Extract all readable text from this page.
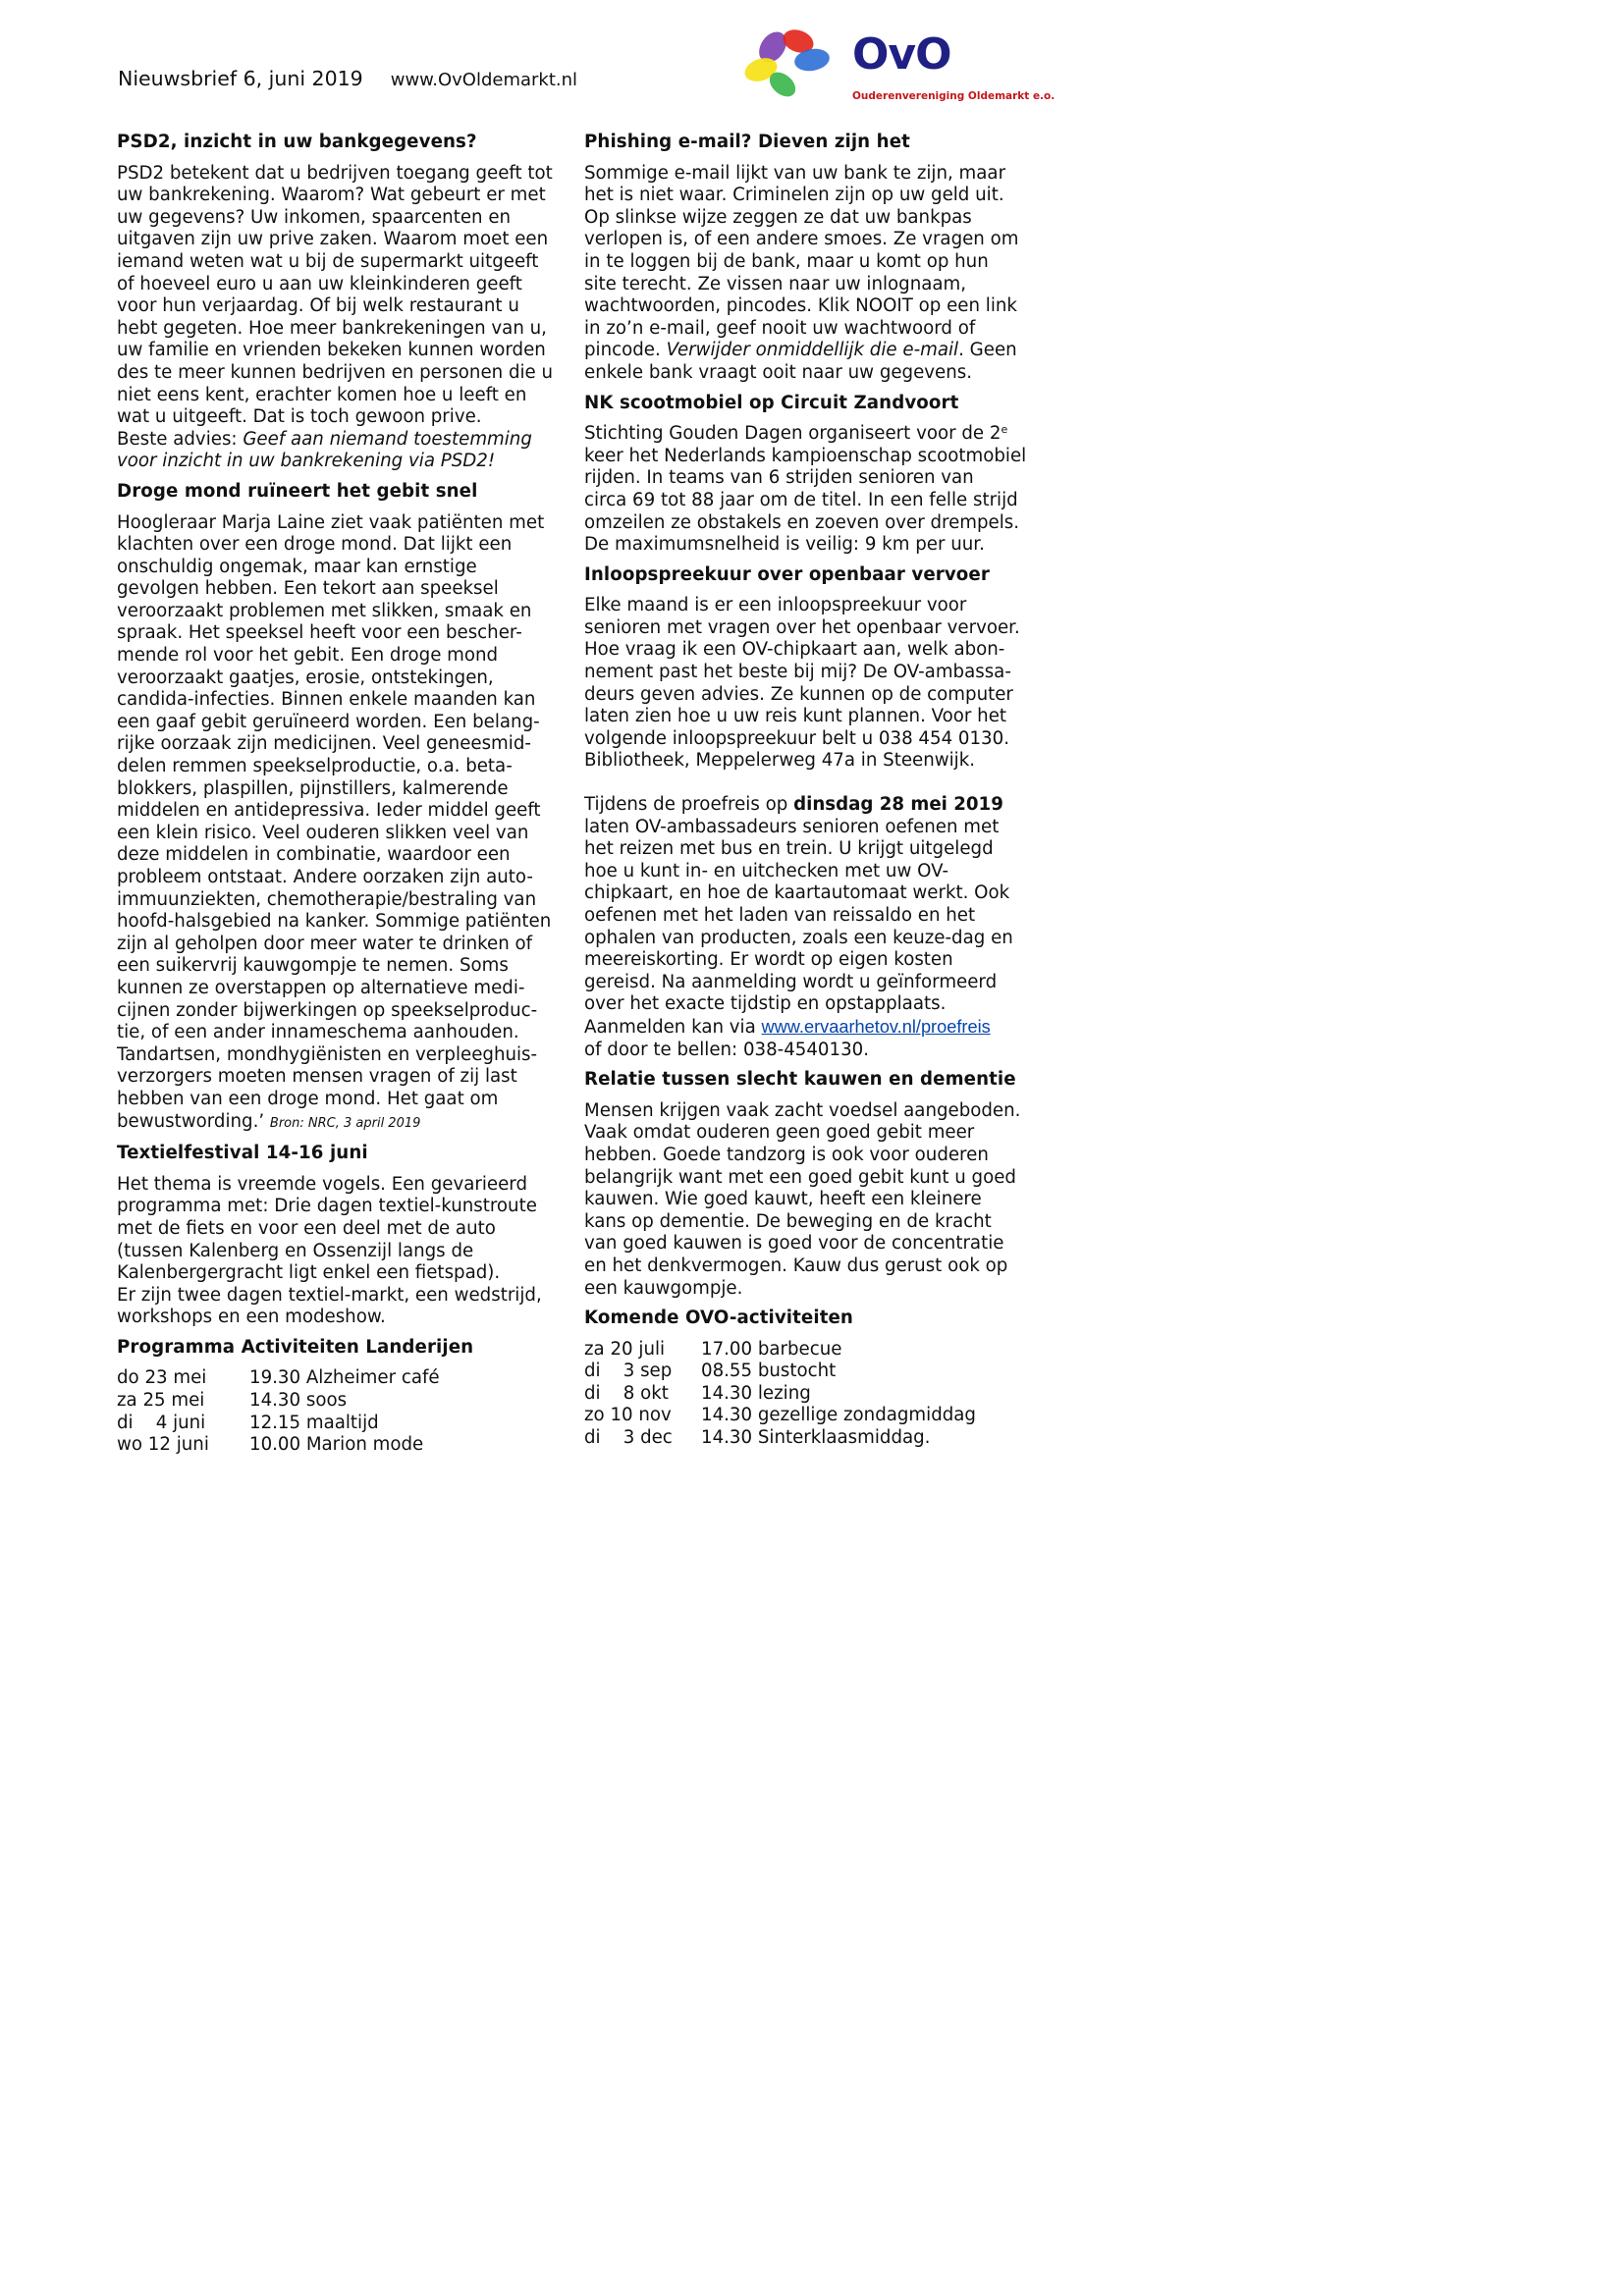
Nieuwsbrief 6, juni 2019 www.OvOldemarkt.nl
OvO
Ouderenvereniging Oldemarkt e.o.
PSD2, inzicht in uw bankgegevens?

PSD2 betekent dat u bedrijven toegang geeft tot
uw bankrekening. Waarom? Wat gebeurt er met
uw gegevens? Uw inkomen, spaarcenten en
uitgaven zijn uw prive zaken. Waarom moet een
iemand weten wat u bij de supermarkt uitgeeft
of hoeveel euro u aan uw kleinkinderen geeft
voor hun verjaardag. Of bij welk restaurant u
hebt gegeten. Hoe meer bankrekeningen van u,
uw familie en vrienden bekeken kunnen worden
des te meer kunnen bedrijven en personen die u
niet eens kent, erachter komen hoe u leeft en
wat u uitgeeft. Dat is toch gewoon prive.
Beste advies: Geef aan niemand toestemming
voor inzicht in uw bankrekening via PSD2!

Droge mond ruïneert het gebit snel

Hoogleraar Marja Laine ziet vaak patiënten met
klachten over een droge mond. Dat lijkt een
onschuldig ongemak, maar kan ernstige
gevolgen hebben. Een tekort aan speeksel
veroorzaakt problemen met slikken, smaak en
spraak. Het speeksel heeft voor een bescher-
mende rol voor het gebit. Een droge mond
veroorzaakt gaatjes, erosie, ontstekingen,
candida-infecties. Binnen enkele maanden kan
een gaaf gebit geruïneerd worden. Een belang-
rijke oorzaak zijn medicijnen. Veel geneesmid-
delen remmen speekselproductie, o.a. beta-
blokkers, plaspillen, pijnstillers, kalmerende
middelen en antidepressiva. Ieder middel geeft
een klein risico. Veel ouderen slikken veel van
deze middelen in combinatie, waardoor een
probleem ontstaat. Andere oorzaken zijn auto-
immuunziekten, chemotherapie/bestraling van
hoofd-halsgebied na kanker. Sommige patiënten
zijn al geholpen door meer water te drinken of
een suikervrij kauwgompje te nemen. Soms
kunnen ze overstappen op alternatieve medi-
cijnen zonder bijwerkingen op speekselproduc-
tie, of een ander innameschema aanhouden.
Tandartsen, mondhygiënisten en verpleeghuis-
verzorgers moeten mensen vragen of zij last
hebben van een droge mond. Het gaat om
bewustwording.’ Bron: NRC, 3 april 2019

Textielfestival 14-16 juni

Het thema is vreemde vogels. Een gevarieerd
programma met: Drie dagen textiel-kunstroute
met de fiets en voor een deel met de auto
(tussen Kalenberg en Ossenzijl langs de
Kalenbergergracht ligt enkel een fietspad).
Er zijn twee dagen textiel-markt, een wedstrijd,
workshops en een modeshow.

Programma Activiteiten Landerijen
do 23 mei	19.30 Alzheimer café
za 25 mei	14.30 soos
di    4 juni	12.15 maaltijd
wo 12 juni	10.00 Marion mode
Phishing e-mail? Dieven zijn het

Sommige e-mail lijkt van uw bank te zijn, maar
het is niet waar. Criminelen zijn op uw geld uit.
Op slinkse wijze zeggen ze dat uw bankpas
verlopen is, of een andere smoes. Ze vragen om
in te loggen bij de bank, maar u komt op hun
site terecht. Ze vissen naar uw inlognaam,
wachtwoorden, pincodes. Klik NOOIT op een link
in zo’n e-mail, geef nooit uw wachtwoord of
pincode. Verwijder onmiddellijk die e-mail. Geen
enkele bank vraagt ooit naar uw gegevens.

NK scootmobiel op Circuit Zandvoort

Stichting Gouden Dagen organiseert voor de 2e
keer het Nederlands kampioenschap scootmobiel
rijden. In teams van 6 strijden senioren van
circa 69 tot 88 jaar om de titel. In een felle strijd
omzeilen ze obstakels en zoeven over drempels.
De maximumsnelheid is veilig: 9 km per uur.

Inloopspreekuur over openbaar vervoer

Elke maand is er een inloopspreekuur voor
senioren met vragen over het openbaar vervoer.
Hoe vraag ik een OV-chipkaart aan, welk abon-
nement past het beste bij mij? De OV-ambassa-
deurs geven advies. Ze kunnen op de computer
laten zien hoe u uw reis kunt plannen. Voor het
volgende inloopspreekuur belt u 038 454 0130.
Bibliotheek, Meppelerweg 47a in Steenwijk.

Tijdens de proefreis op dinsdag 28 mei 2019
laten OV-ambassadeurs senioren oefenen met
het reizen met bus en trein. U krijgt uitgelegd
hoe u kunt in- en uitchecken met uw OV-
chipkaart, en hoe de kaartautomaat werkt. Ook
oefenen met het laden van reissaldo en het
ophalen van producten, zoals een keuze-dag en
meereiskorting. Er wordt op eigen kosten
gereisd. Na aanmelding wordt u geïnformeerd
over het exacte tijdstip en opstapplaats.
Aanmelden kan via www.ervaarhetov.nl/proefreis
of door te bellen: 038-4540130.

Relatie tussen slecht kauwen en dementie

Mensen krijgen vaak zacht voedsel aangeboden.
Vaak omdat ouderen geen goed gebit meer
hebben. Goede tandzorg is ook voor ouderen
belangrijk want met een goed gebit kunt u goed
kauwen. Wie goed kauwt, heeft een kleinere
kans op dementie. De beweging en de kracht
van goed kauwen is goed voor de concentratie
en het denkvermogen. Kauw dus gerust ook op
een kauwgompje.

Komende OVO-activiteiten
za 20 juli	17.00 barbecue
di    3 sep	08.55 bustocht
di    8 okt	14.30 lezing
zo 10 nov	14.30 gezellige zondagmiddag
di    3 dec	14.30 Sinterklaasmiddag.
